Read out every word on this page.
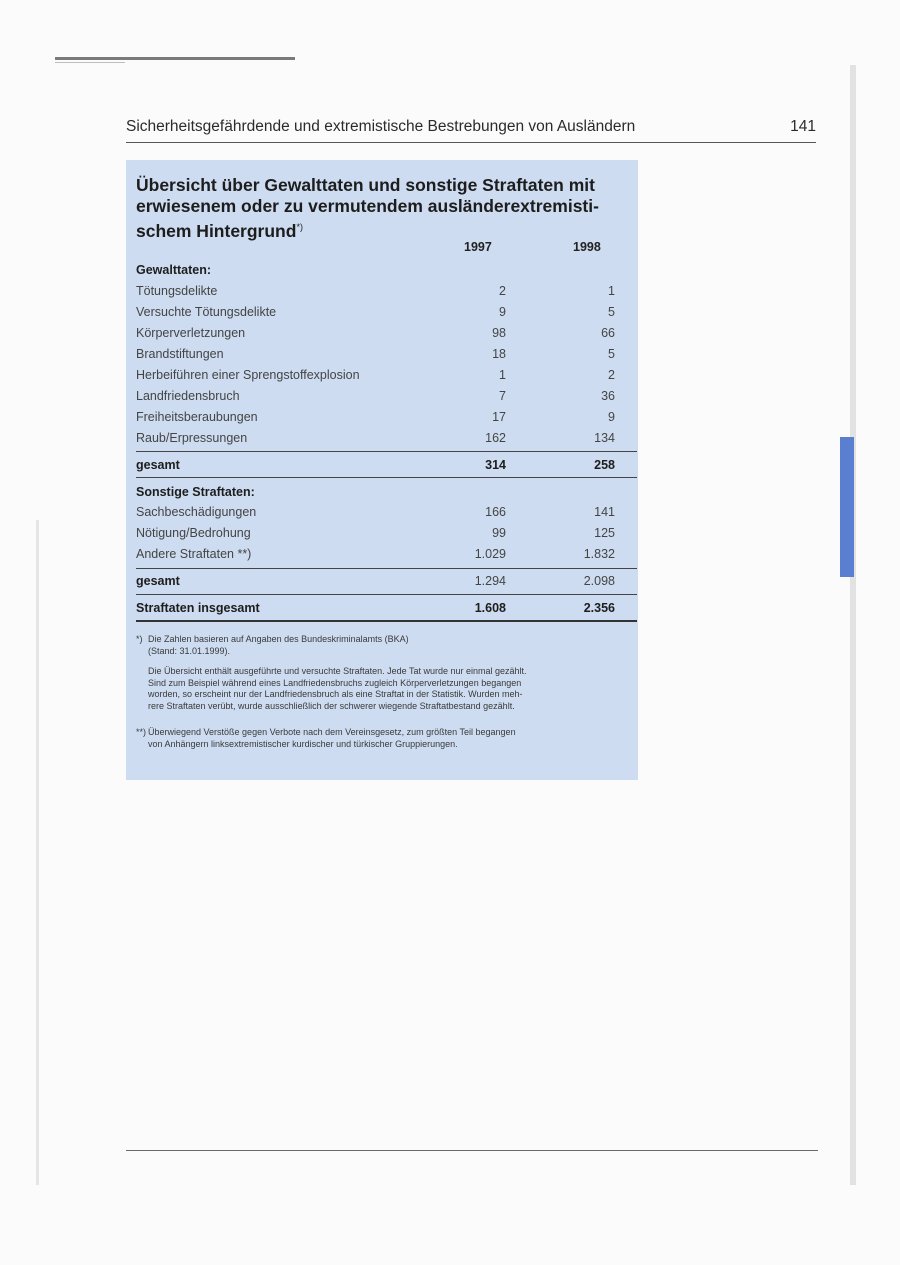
Sicherheitsgefährdende und extremistische Bestrebungen von Ausländern	141
Übersicht über Gewalttaten und sonstige Straftaten mit erwiesenem oder zu vermutendem ausländerextremisti-schem Hintergrund*)
1997	1998
Gewalttaten:
Tötungsdelikte	2	1
Versuchte Tötungsdelikte	9	5
Körperverletzungen	98	66
Brandstiftungen	18	5
Herbeiführen einer Sprengstoffexplosion	1	2
Landfriedensbruch	7	36
Freiheitsberaubungen	17	9
Raub/Erpressungen	162	134
gesamt	314	258
Sonstige Straftaten:
Sachbeschädigungen	166	141
Nötigung/Bedrohung	99	125
Andere Straftaten **)	1.029	1.832
gesamt	1.294	2.098
Straftaten insgesamt	1.608	2.356
*) Die Zahlen basieren auf Angaben des Bundeskriminalamts (BKA)
(Stand: 31.01.1999).
Die Übersicht enthält ausgeführte und versuchte Straftaten. Jede Tat wurde nur einmal gezählt.
Sind zum Beispiel während eines Landfriedensbruchs zugleich Körperverletzungen begangen
worden, so erscheint nur der Landfriedensbruch als eine Straftat in der Statistik. Wurden meh-
rere Straftaten verübt, wurde ausschließlich der schwerer wiegende Straftatbestand gezählt.
**) Überwiegend Verstöße gegen Verbote nach dem Vereinsgesetz, zum größten Teil begangen
von Anhängern linksextremistischer kurdischer und türkischer Gruppierungen.
